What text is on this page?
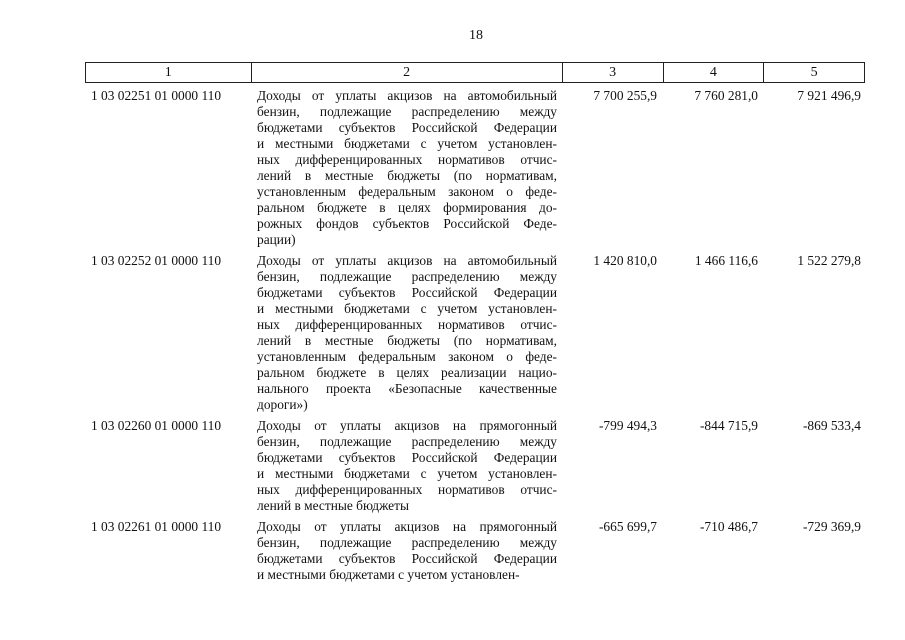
18
1	2	3	4	5
1 03 02251 01 0000 110	Доходы от уплаты акцизов на автомобильный
бензин, подлежащие распределению между
бюджетами субъектов Российской Федерации
и местными бюджетами с учетом установлен-
ных дифференцированных нормативов отчис-
лений в местные бюджеты (по нормативам,
установленным федеральным законом о феде-
ральном бюджете в целях формирования до-
рожных фондов субъектов Российской Феде-
рации)
7 700 255,9	7 760 281,0	7 921 496,9
1 03 02252 01 0000 110	Доходы от уплаты акцизов на автомобильный
бензин, подлежащие распределению между
бюджетами субъектов Российской Федерации
и местными бюджетами с учетом установлен-
ных дифференцированных нормативов отчис-
лений в местные бюджеты (по нормативам,
установленным федеральным законом о феде-
ральном бюджете в целях реализации нацио-
нального проекта «Безопасные качественные
дороги»)
1 420 810,0	1 466 116,6	1 522 279,8
1 03 02260 01 0000 110	Доходы от уплаты акцизов на прямогонный
бензин, подлежащие распределению между
бюджетами субъектов Российской Федерации
и местными бюджетами с учетом установлен-
ных дифференцированных нормативов отчис-
лений в местные бюджеты
-799 494,3	-844 715,9	-869 533,4
1 03 02261 01 0000 110	Доходы от уплаты акцизов на прямогонный
бензин, подлежащие распределению между
бюджетами субъектов Российской Федерации
и местными бюджетами с учетом установлен-
-665 699,7	-710 486,7	-729 369,9
